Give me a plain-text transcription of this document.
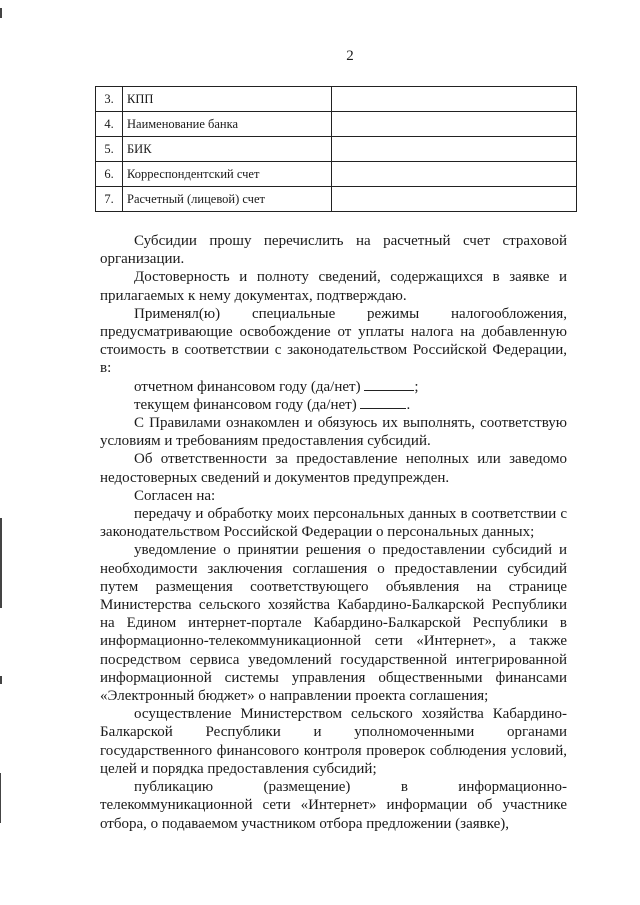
2
3.	КПП	
4.	Наименование банка	
5.	БИК	
6.	Корреспондентский счет	
7.	Расчетный (лицевой) счет	

Субсидии прошу перечислить на расчетный счет страховой организации.

Достоверность и полноту сведений, содержащихся в заявке и прилагаемых к нему документах, подтверждаю.

Применял(ю) специальные режимы налогообложения, предусматривающие освобождение от уплаты налога на добавленную стоимость в соответствии с законодательством Российской Федерации, в:

отчетном финансовом году (да/нет)	;

текущем финансовом году (да/нет)	.

С Правилами ознакомлен и обязуюсь их выполнять, соответствую условиям и требованиям предоставления субсидий.

Об ответственности за предоставление неполных или заведомо недостоверных сведений и документов предупрежден.

Согласен на:

передачу и обработку моих персональных данных в соответствии с законодательством Российской Федерации о персональных данных;

уведомление о принятии решения о предоставлении субсидий и необходимости заключения соглашения о предоставлении субсидий путем размещения соответствующего объявления на странице Министерства сельского хозяйства Кабардино-Балкарской Республики на Едином интернет-портале Кабардино-Балкарской Республики в информационно-телекоммуникационной сети «Интернет», а также посредством сервиса уведомлений государственной интегрированной информационной системы управления общественными финансами «Электронный бюджет» о направлении проекта соглашения;

осуществление Министерством сельского хозяйства Кабардино-Балкарской Республики и уполномоченными органами государственного финансового контроля проверок соблюдения условий, целей и порядка предоставления субсидий;

публикацию (размещение) в информационно-телекоммуникационной сети «Интернет» информации об участнике отбора, о подаваемом участником отбора предложении (заявке),
